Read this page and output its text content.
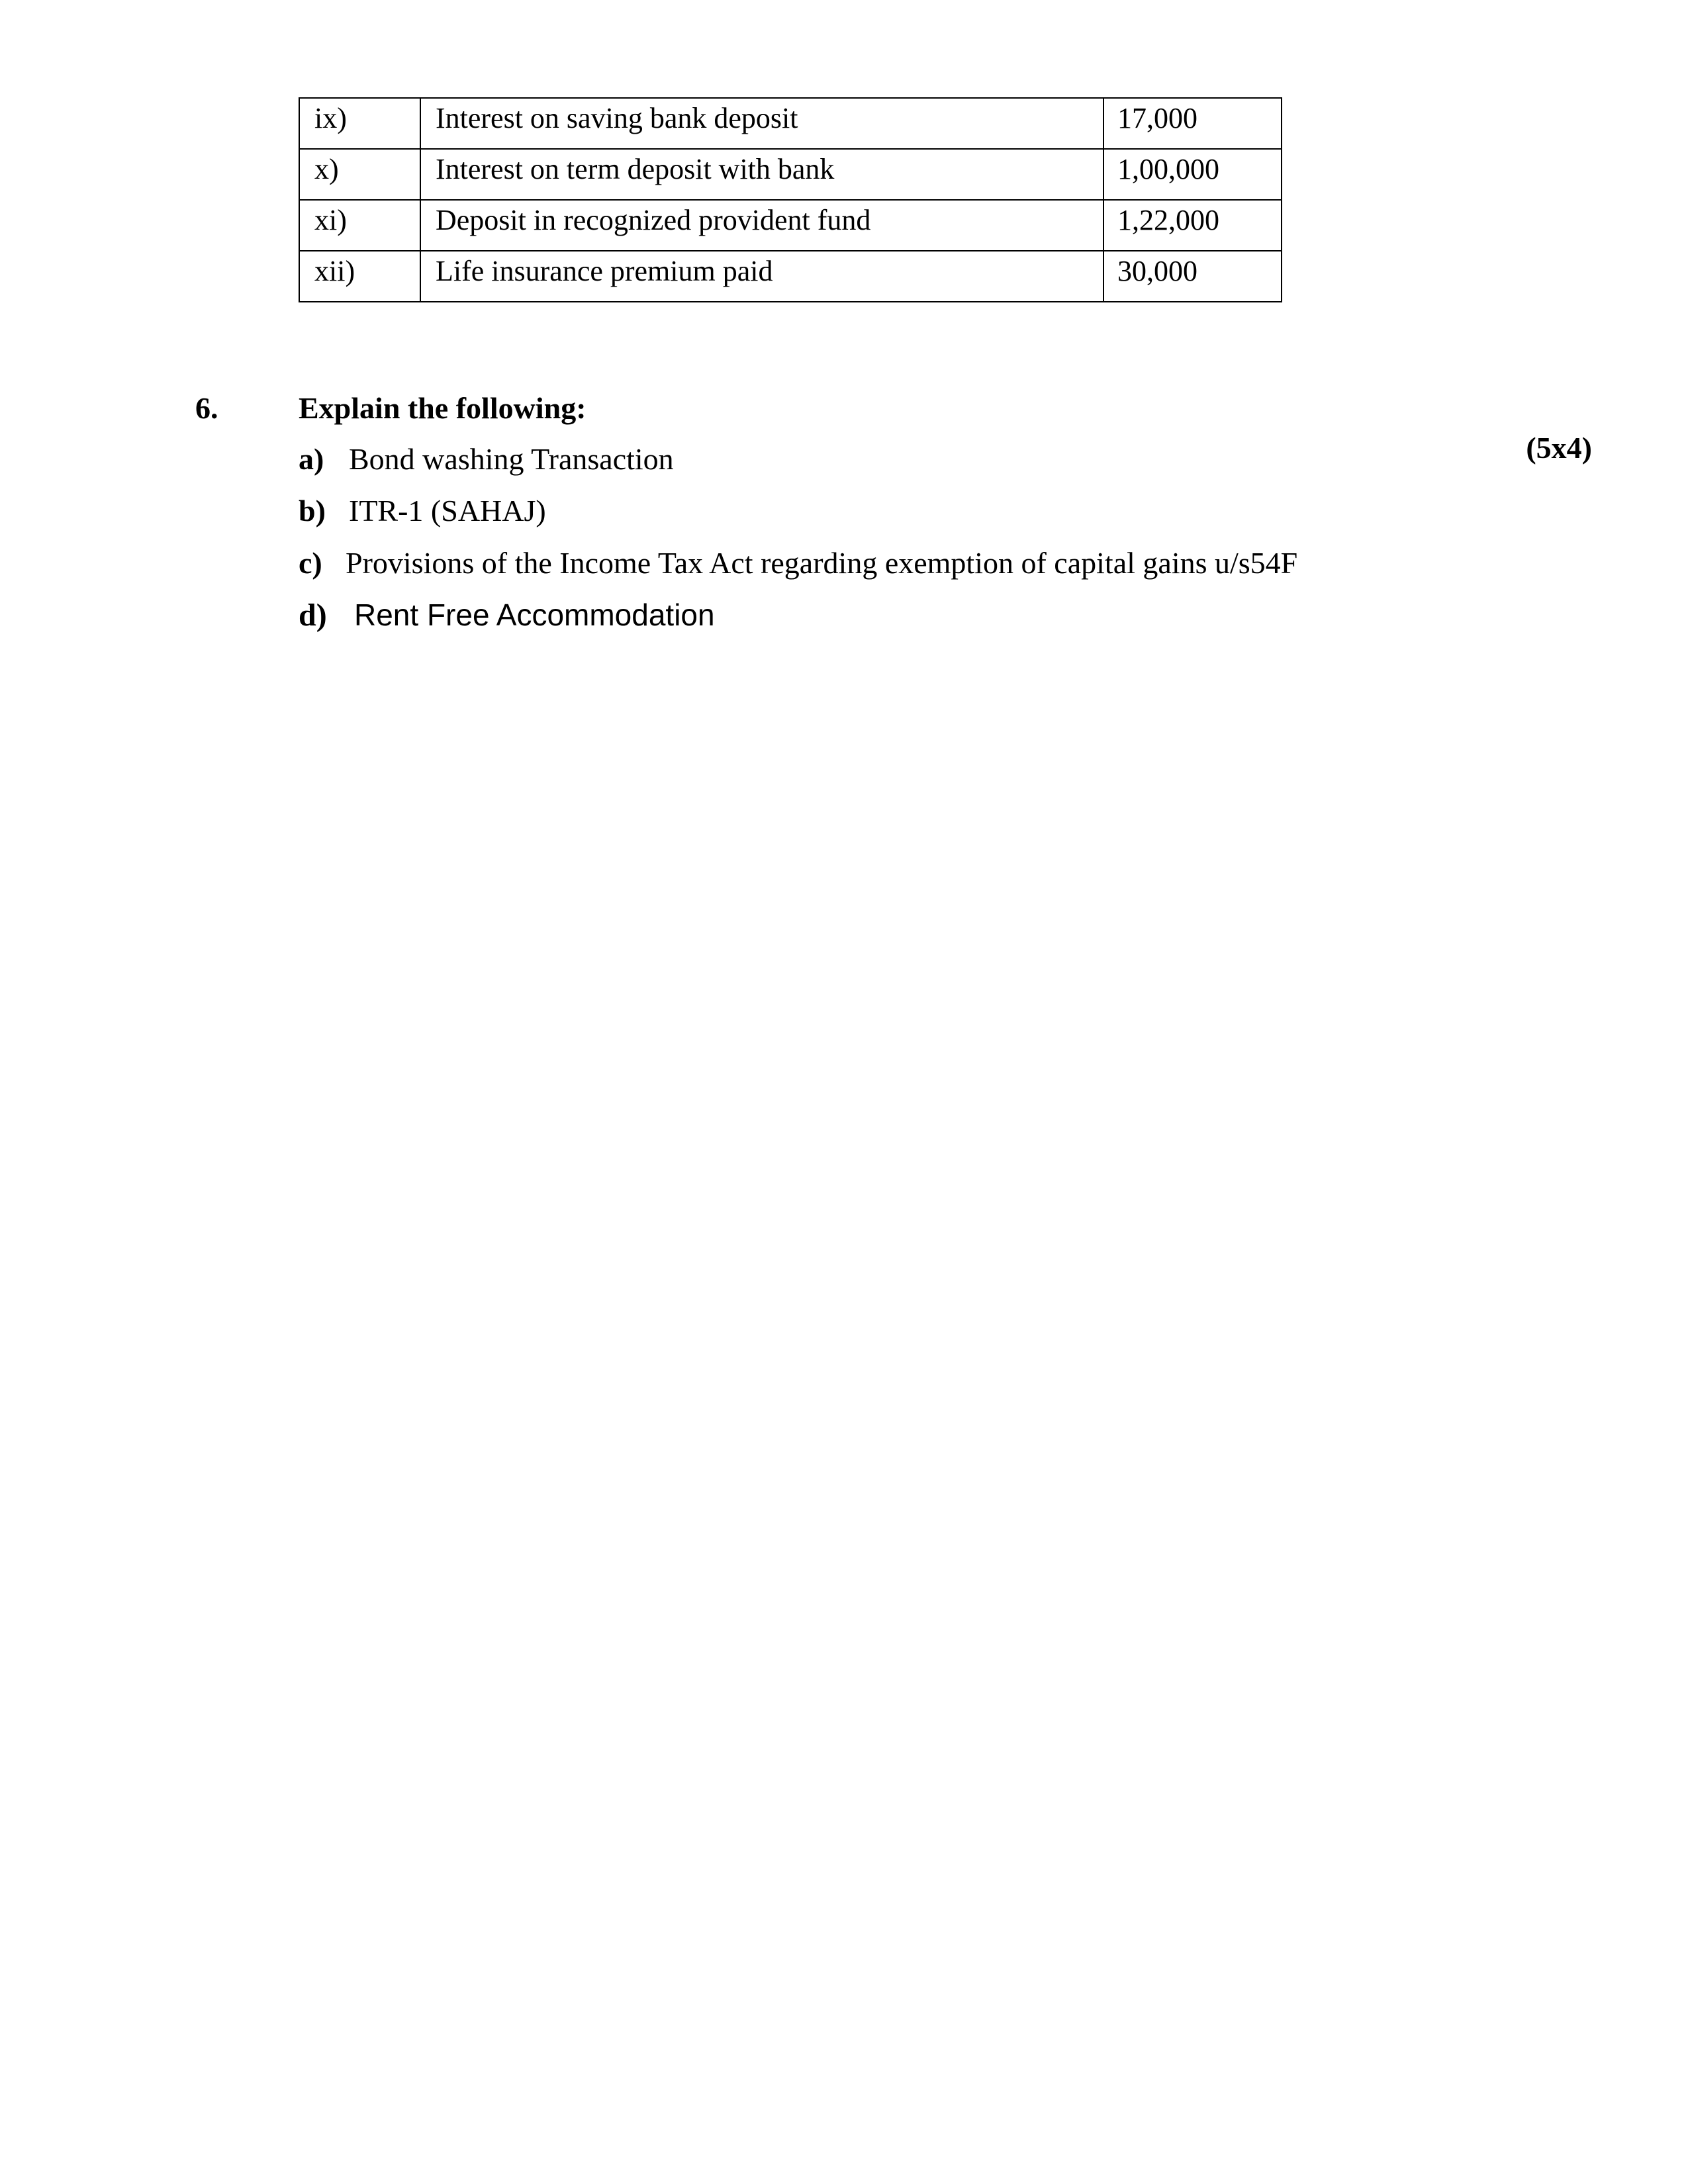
ix)	Interest on saving bank deposit	17,000
x)	Interest on term deposit with bank	1,00,000
xi)	Deposit in recognized provident fund	1,22,000
xii)	Life insurance premium paid	30,000
6.	Explain the following:
(5x4)
a) Bond washing Transaction
b) ITR-1 (SAHAJ)
c) Provisions of the Income Tax Act regarding exemption of capital gains u/s54F
d) Rent Free Accommodation
